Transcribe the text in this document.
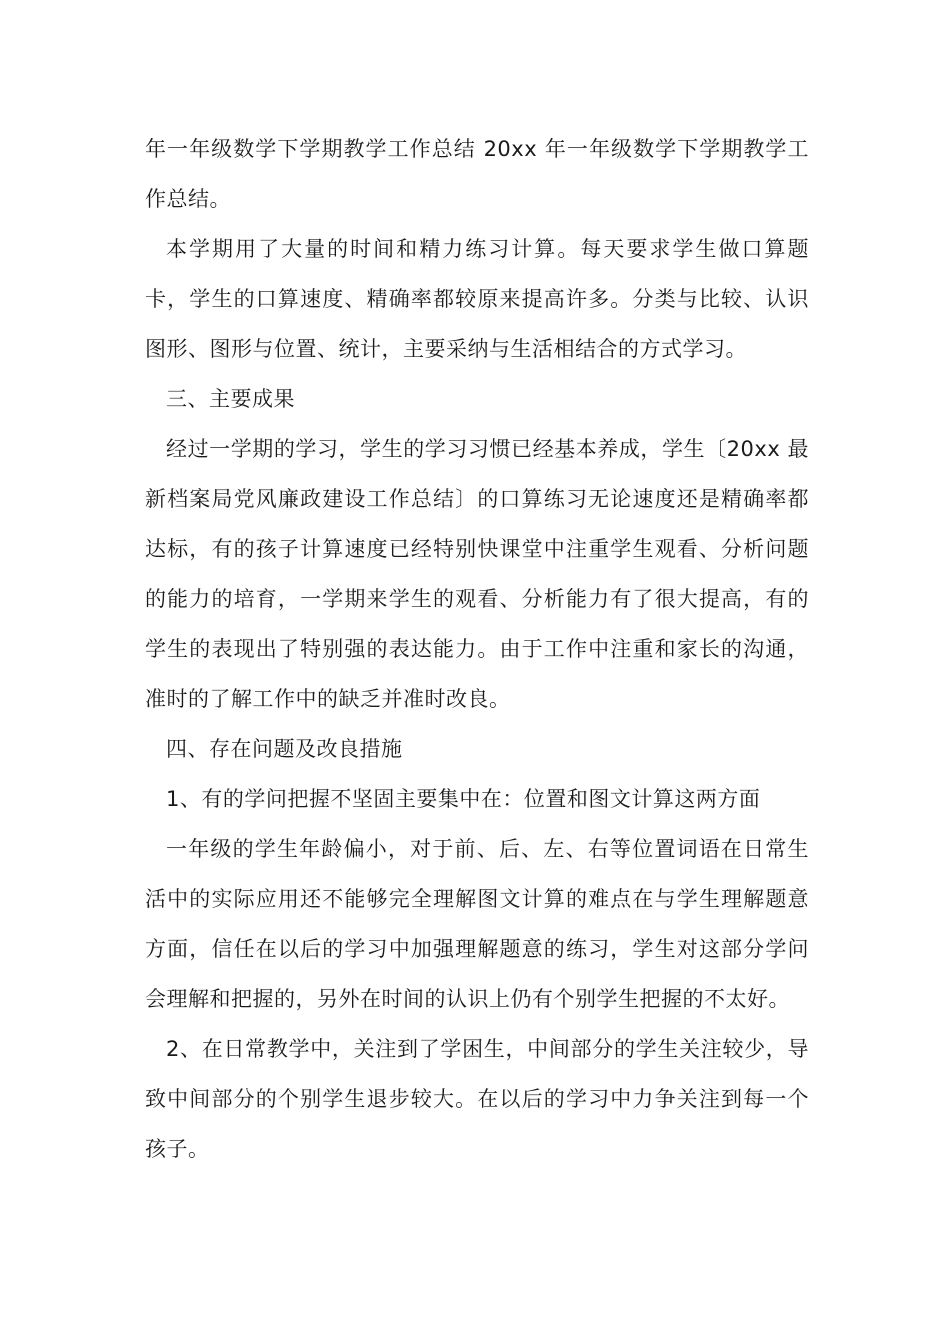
年一年级数学下学期教学工作总结 20xx 年一年级数学下学期教学工作总结。

本学期用了大量的时间和精力练习计算。每天要求学生做口算题卡，学生的口算速度、精确率都较原来提高许多。分类与比较、认识图形、图形与位置、统计，主要采纳与生活相结合的方式学习。

三、主要成果

经过一学期的学习，学生的学习习惯已经基本养成，学生〔20xx 最新档案局党风廉政建设工作总结〕的口算练习无论速度还是精确率都达标，有的孩子计算速度已经特别快课堂中注重学生观看、分析问题的能力的培育，一学期来学生的观看、分析能力有了很大提高，有的学生的表现出了特别强的表达能力。由于工作中注重和家长的沟通，准时的了解工作中的缺乏并准时改良。

四、存在问题及改良措施

1、有的学问把握不坚固主要集中在：位置和图文计算这两方面

一年级的学生年龄偏小，对于前、后、左、右等位置词语在日常生活中的实际应用还不能够完全理解图文计算的难点在与学生理解题意方面，信任在以后的学习中加强理解题意的练习，学生对这部分学问会理解和把握的，另外在时间的认识上仍有个别学生把握的不太好。

2、在日常教学中，关注到了学困生，中间部分的学生关注较少，导致中间部分的个别学生退步较大。在以后的学习中力争关注到每一个孩子。
